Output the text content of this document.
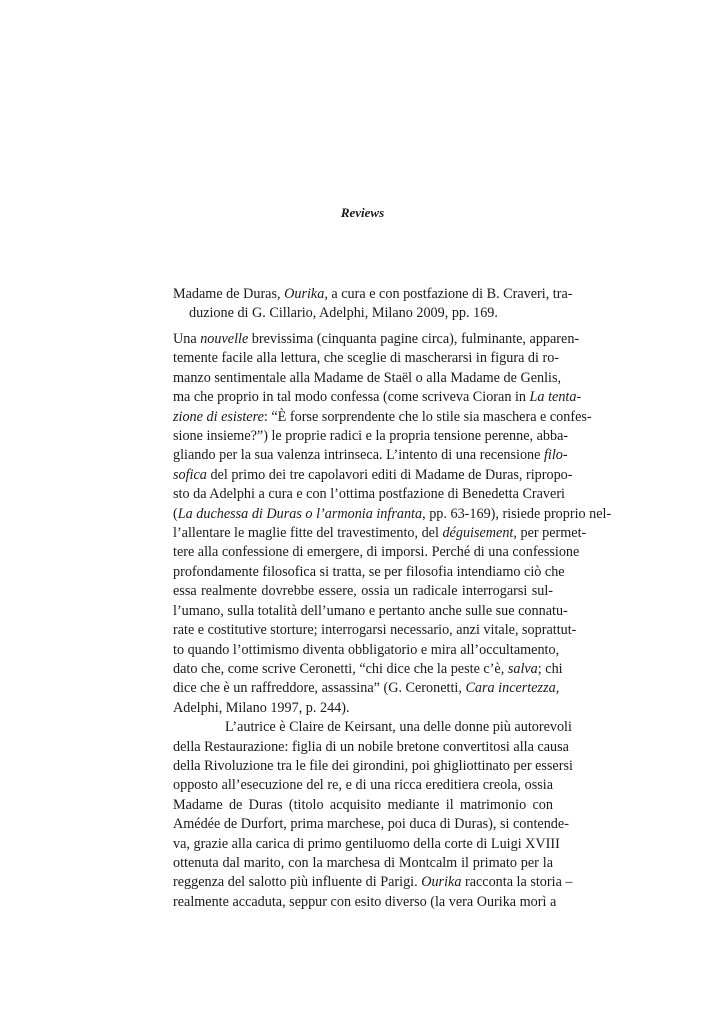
Reviews
Madame de Duras, Ourika, a cura e con postfazione di B. Craveri, tra-
duzione di G. Cillario, Adelphi, Milano 2009, pp. 169.
Una nouvelle brevissima (cinquanta pagine circa), fulminante, apparen-
temente facile alla lettura, che sceglie di mascherarsi in figura di ro-
manzo sentimentale alla Madame de Staël o alla Madame de Genlis,
ma che proprio in tal modo confessa (come scriveva Cioran in La tenta-
zione di esistere: “È forse sorprendente che lo stile sia maschera e confes-
sione insieme?”) le proprie radici e la propria tensione perenne, abba-
gliando per la sua valenza intrinseca. L’intento di una recensione filo-
sofica del primo dei tre capolavori editi di Madame de Duras, ripropo-
sto da Adelphi a cura e con l’ottima postfazione di Benedetta Craveri
(La duchessa di Duras o l’armonia infranta, pp. 63-169), risiede proprio nel-
l’allentare le maglie fitte del travestimento, del déguisement, per permet-
tere alla confessione di emergere, di imporsi. Perché di una confessione
profondamente filosofica si tratta, se per filosofia intendiamo ciò che
essa realmente dovrebbe essere, ossia un radicale interrogarsi sul-
l’umano, sulla totalità dell’umano e pertanto anche sulle sue connatu-
rate e costitutive storture; interrogarsi necessario, anzi vitale, soprattut-
to quando l’ottimismo diventa obbligatorio e mira all’occultamento,
dato che, come scrive Ceronetti, “chi dice che la peste c’è, salva; chi
dice che è un raffreddore, assassina” (G. Ceronetti, Cara incertezza,
Adelphi, Milano 1997, p. 244).
L’autrice è Claire de Keirsant, una delle donne più autorevoli
della Restaurazione: figlia di un nobile bretone convertitosi alla causa
della Rivoluzione tra le file dei girondini, poi ghigliottinato per essersi
opposto all’esecuzione del re, e di una ricca ereditiera creola, ossia
Madame de Duras (titolo acquisito mediante il matrimonio con
Amédée de Durfort, prima marchese, poi duca di Duras), si contende-
va, grazie alla carica di primo gentiluomo della corte di Luigi XVIII
ottenuta dal marito, con la marchesa di Montcalm il primato per la
reggenza del salotto più influente di Parigi. Ourika racconta la storia –
realmente accaduta, seppur con esito diverso (la vera Ourika morì a
